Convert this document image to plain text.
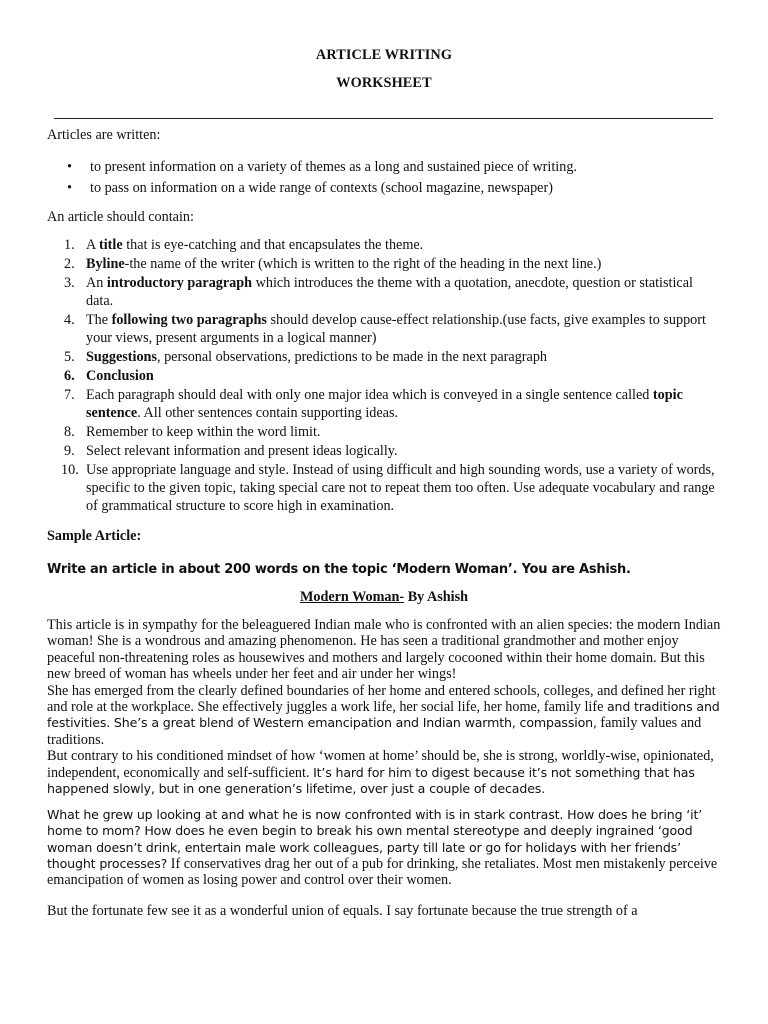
ARTICLE WRITING
WORKSHEET
Articles are written:
• to present information on a variety of themes as a long and sustained piece of writing.
• to pass on information on a wide range of contexts (school magazine, newspaper)
An article should contain:
1. A title that is eye-catching and that encapsulates the theme.
2. Byline-the name of the writer (which is written to the right of the heading in the next line.)
3. An introductory paragraph which introduces the theme with a quotation, anecdote, question or statistical data.
4. The following two paragraphs should develop cause-effect relationship.(use facts, give examples to support your views, present arguments in a logical manner)
5. Suggestions, personal observations, predictions to be made in the next paragraph
6. Conclusion
7. Each paragraph should deal with only one major idea which is conveyed in a single sentence called topic sentence. All other sentences contain supporting ideas.
8. Remember to keep within the word limit.
9. Select relevant information and present ideas logically.
10. Use appropriate language and style. Instead of using difficult and high sounding words, use a variety of words, specific to the given topic, taking special care not to repeat them too often. Use adequate vocabulary and range of grammatical structure to score high in examination.
Sample Article:
Write an article in about 200 words on the topic ‘Modern Woman’. You are Ashish.
Modern Woman- By Ashish

This article is in sympathy for the beleaguered Indian male who is confronted with an alien species: the modern Indian woman! She is a wondrous and amazing phenomenon. He has seen a traditional grandmother and mother enjoy peaceful non-threatening roles as housewives and mothers and largely cocooned within their home domain. But this new breed of woman has wheels under her feet and air under her wings!
She has emerged from the clearly defined boundaries of her home and entered schools, colleges, and defined her right and role at the workplace. She effectively juggles a work life, her social life, her home, family life and traditions and festivities. She’s a great blend of Western emancipation and Indian warmth, compassion, family values and traditions.
But contrary to his conditioned mindset of how ‘women at home’ should be, she is strong, worldly-wise, opinionated, independent, economically and self-sufficient. It’s hard for him to digest because it’s not something that has happened slowly, but in one generation’s lifetime, over just a couple of decades.

What he grew up looking at and what he is now confronted with is in stark contrast. How does he bring ‘it’ home to mom? How does he even begin to break his own mental stereotype and deeply ingrained ‘good woman doesn’t drink, entertain male work colleagues, party till late or go for holidays with her friends’ thought processes? If conservatives drag her out of a pub for drinking, she retaliates. Most men mistakenly perceive emancipation of women as losing power and control over their women.
But the fortunate few see it as a wonderful union of equals. I say fortunate because the true strength of a
